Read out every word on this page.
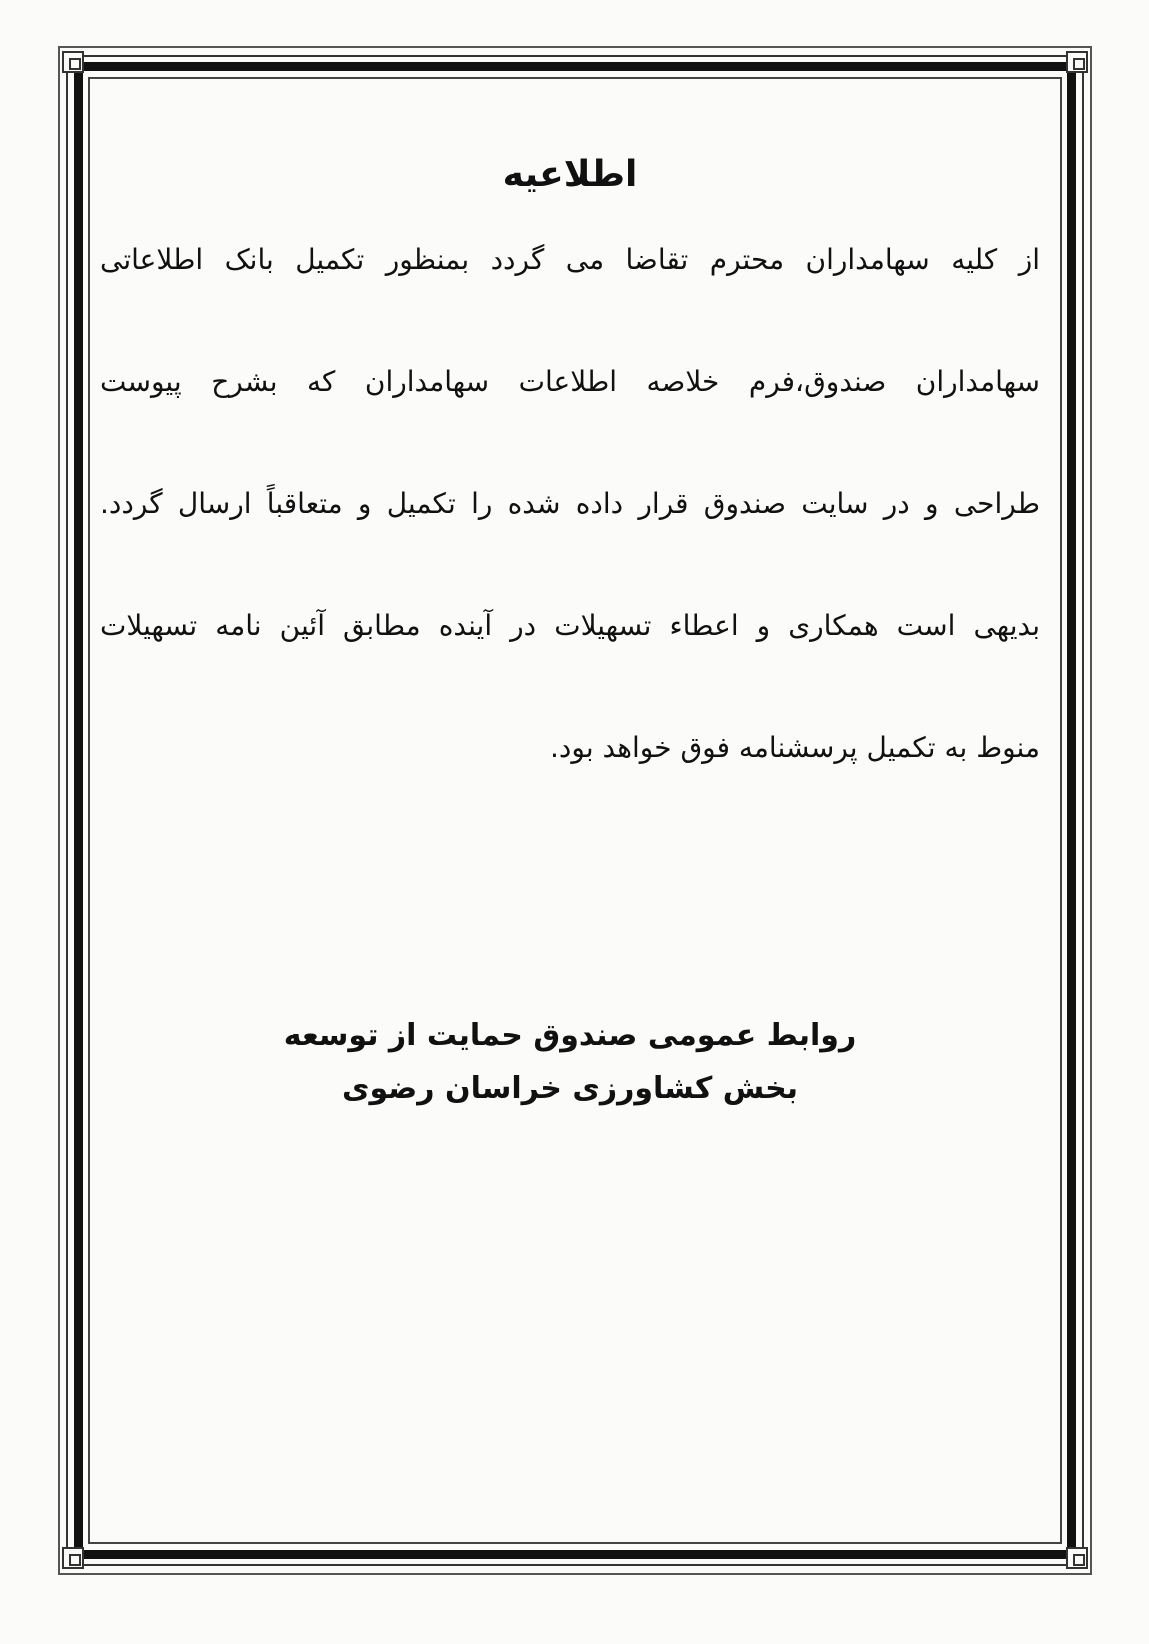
اطلاعیه

از کلیه سهامداران محترم تقاضا می گردد بمنظور تکمیل بانک اطلاعاتی

سهامداران صندوق،فرم خلاصه اطلاعات سهامداران که بشرح پیوست

طراحی و در سایت صندوق قرار داده شده را تکمیل و متعاقباً ارسال گردد.

بدیهی است همکاری و اعطاء تسهیلات در آینده مطابق آئین نامه تسهیلات

منوط به تکمیل پرسشنامه فوق خواهد بود.

روابط عمومی صندوق حمایت از توسعه
بخش کشاورزی خراسان رضوی
